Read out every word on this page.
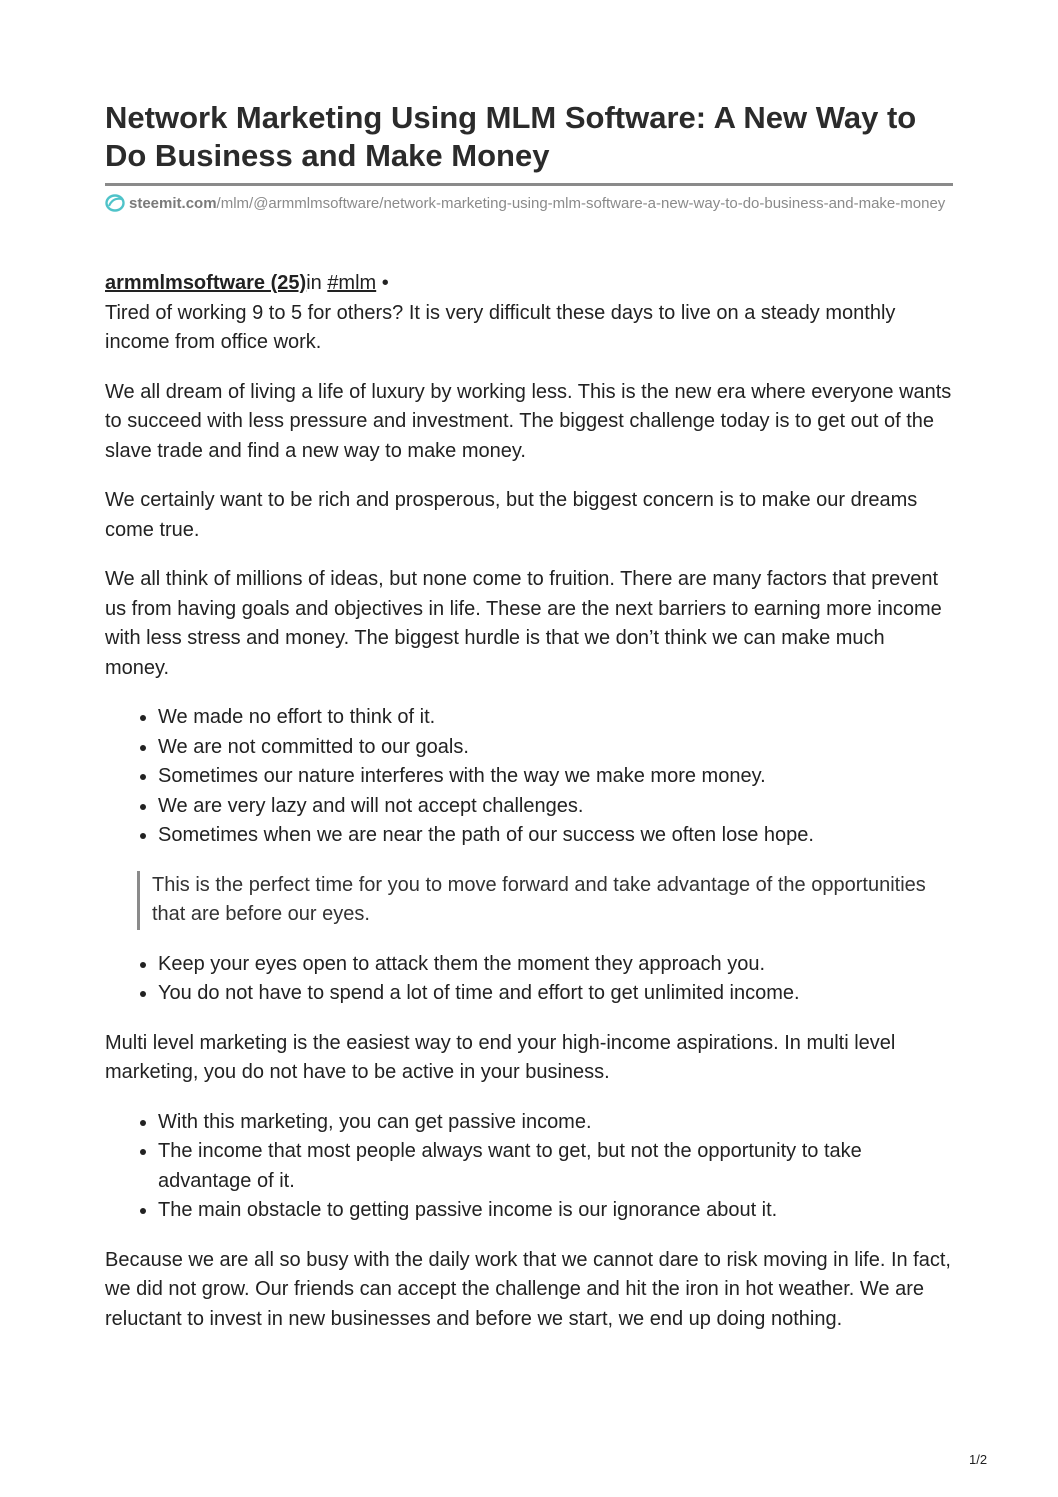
Network Marketing Using MLM Software: A New Way to Do Business and Make Money
steemit.com/mlm/@armmlmsoftware/network-marketing-using-mlm-software-a-new-way-to-do-business-and-make-money

armmlmsoftware (25)in #mlm •

Tired of working 9 to 5 for others? It is very difficult these days to live on a steady monthly income from office work.

We all dream of living a life of luxury by working less. This is the new era where everyone wants to succeed with less pressure and investment. The biggest challenge today is to get out of the slave trade and find a new way to make money.

We certainly want to be rich and prosperous, but the biggest concern is to make our dreams come true.

We all think of millions of ideas, but none come to fruition. There are many factors that prevent us from having goals and objectives in life. These are the next barriers to earning more income with less stress and money. The biggest hurdle is that we don’t think we can make much money.

• We made no effort to think of it.
• We are not committed to our goals.
• Sometimes our nature interferes with the way we make more money.
• We are very lazy and will not accept challenges.
• Sometimes when we are near the path of our success we often lose hope.
This is the perfect time for you to move forward and take advantage of the opportunities that are before our eyes.
• Keep your eyes open to attack them the moment they approach you.
• You do not have to spend a lot of time and effort to get unlimited income.

Multi level marketing is the easiest way to end your high-income aspirations. In multi level marketing, you do not have to be active in your business.

• With this marketing, you can get passive income.
• The income that most people always want to get, but not the opportunity to take advantage of it.
• The main obstacle to getting passive income is our ignorance about it.

Because we are all so busy with the daily work that we cannot dare to risk moving in life. In fact, we did not grow. Our friends can accept the challenge and hit the iron in hot weather. We are reluctant to invest in new businesses and before we start, we end up doing nothing.

1/2
